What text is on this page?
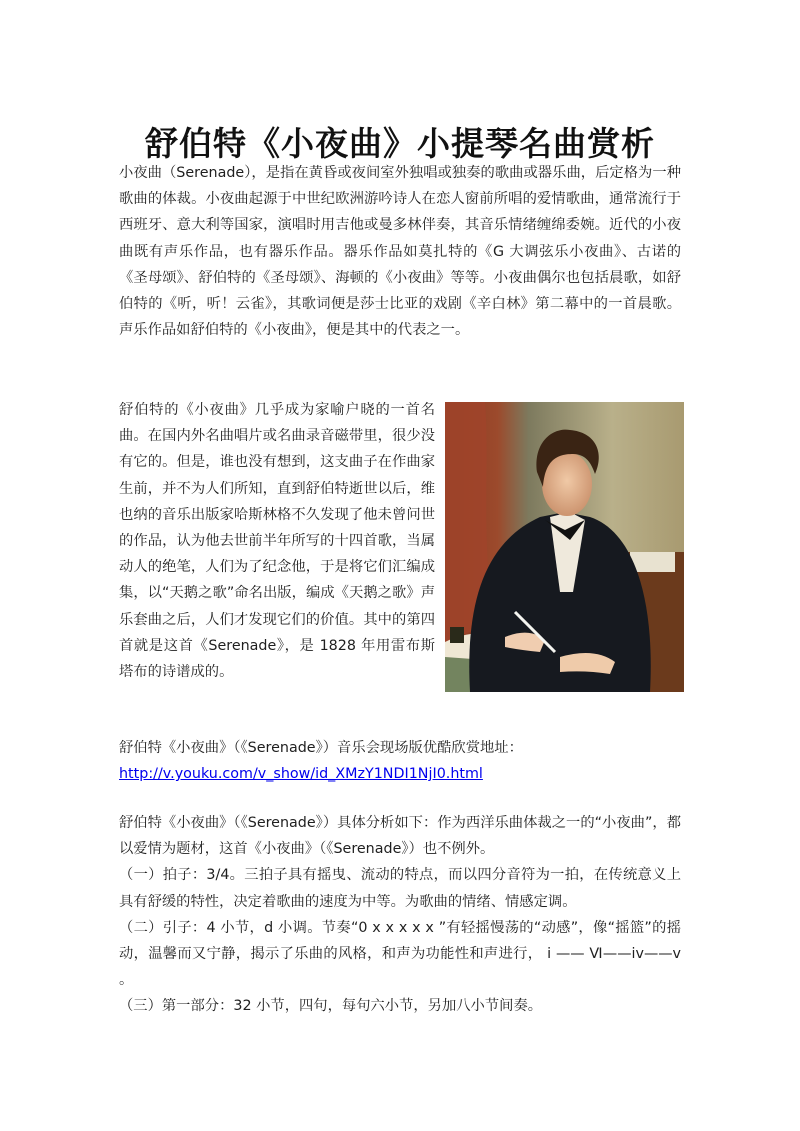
舒伯特《小夜曲》小提琴名曲赏析

小夜曲（Serenade），是指在黄昏或夜间室外独唱或独奏的歌曲或器乐曲，后定格为一种歌曲的体裁。小夜曲起源于中世纪欧洲游吟诗人在恋人窗前所唱的爱情歌曲，通常流行于西班牙、意大利等国家，演唱时用吉他或曼多林伴奏，其音乐情绪缠绵委婉。近代的小夜曲既有声乐作品，也有器乐作品。器乐作品如莫扎特的《G 大调弦乐小夜曲》、古诺的《圣母颂》、舒伯特的《圣母颂》、海顿的《小夜曲》等等。小夜曲偶尔也包括晨歌，如舒伯特的《听，听！云雀》，其歌词便是莎士比亚的戏剧《辛白林》第二幕中的一首晨歌。声乐作品如舒伯特的《小夜曲》，便是其中的代表之一。

舒伯特的《小夜曲》几乎成为家喻户晓的一首名曲。在国内外名曲唱片或名曲录音磁带里，很少没有它的。但是，谁也没有想到，这支曲子在作曲家生前，并不为人们所知，直到舒伯特逝世以后，维也纳的音乐出版家哈斯林格不久发现了他未曾问世的作品，认为他去世前半年所写的十四首歌，当属动人的绝笔，人们为了纪念他，于是将它们汇编成集，以“天鹅之歌”命名出版，编成《天鹅之歌》声乐套曲之后，人们才发现它们的价值。其中的第四首就是这首《Serenade》，是 1828 年用雷布斯塔布的诗谱成的。

舒伯特《小夜曲》（《Serenade》）音乐会现场版优酷欣赏地址：
http://v.youku.com/v_show/id_XMzY1NDI1NjI0.html
舒伯特《小夜曲》（《Serenade》）具体分析如下：作为西洋乐曲体裁之一的“小夜曲”，都以爱情为题材，这首《小夜曲》（《Serenade》）也不例外。
（一）拍子：3/4。三拍子具有摇曳、流动的特点，而以四分音符为一拍，在传统意义上具有舒缓的特性，决定着歌曲的速度为中等。为歌曲的情绪、情感定调。
（二）引子：4 小节，d 小调。节奏“0 x x x x x ”有轻摇慢荡的“动感”，像“摇篮”的摇动，温馨而又宁静，揭示了乐曲的风格，和声为功能性和声进行， i —— Ⅵ——iv——v 。
（三）第一部分：32 小节，四句，每句六小节，另加八小节间奏。
